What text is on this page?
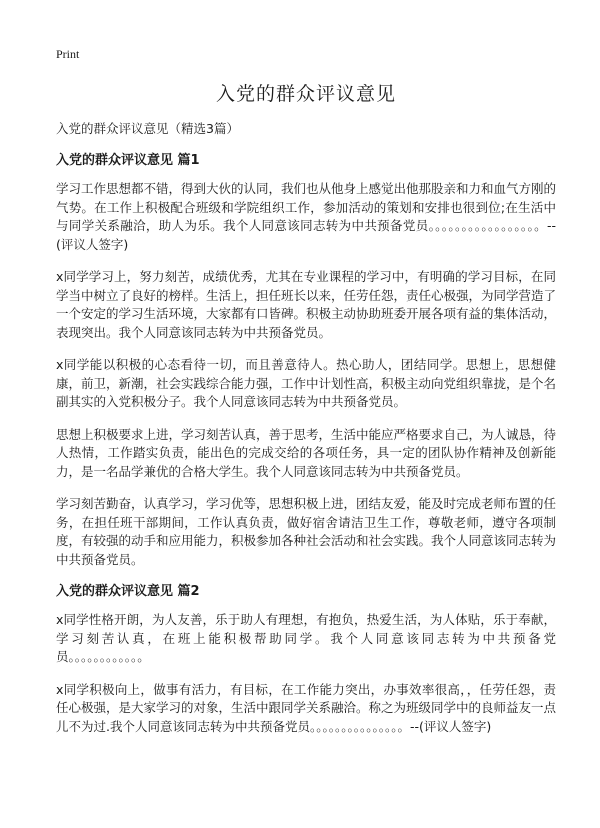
Print
入党的群众评议意见
入党的群众评议意见（精选3篇）
入党的群众评议意见 篇1

学习工作思想都不错，得到大伙的认同，我们也从他身上感觉出他那股亲和力和血气方刚的气势。在工作上积极配合班级和学院组织工作，参加活动的策划和安排也很到位;在生活中与同学关系融洽，助人为乐。我个人同意该同志转为中共预备党员。。。。。。。。。。。。。。。。。--(评议人签字)

x同学学习上，努力刻苦，成绩优秀，尤其在专业课程的学习中，有明确的学习目标，在同学当中树立了良好的榜样。生活上，担任班长以来，任劳任怨，责任心极强，为同学营造了一个安定的学习生活环境，大家都有口皆碑。积极主动协助班委开展各项有益的集体活动，表现突出。我个人同意该同志转为中共预备党员。

x同学能以积极的心态看待一切，而且善意待人。热心助人，团结同学。思想上，思想健康，前卫，新潮，社会实践综合能力强，工作中计划性高，积极主动向党组织靠拢，是个名副其实的入党积极分子。我个人同意该同志转为中共预备党员。

思想上积极要求上进，学习刻苦认真，善于思考，生活中能应严格要求自己，为人诚恳，待人热情，工作踏实负责，能出色的完成交给的各项任务，具一定的团队协作精神及创新能力，是一名品学兼优的合格大学生。我个人同意该同志转为中共预备党员。

学习刻苦勤奋，认真学习，学习优等，思想积极上进，团结友爱，能及时完成老师布置的任务，在担任班干部期间，工作认真负责，做好宿舍请洁卫生工作，尊敬老师，遵守各项制度，有较强的动手和应用能力，积极参加各种社会活动和社会实践。我个人同意该同志转为中共预备党员。

入党的群众评议意见 篇2

x同学性格开朗，为人友善，乐于助人有理想，有抱负，热爱生活，为人体贴，乐于奉献，学习刻苦认真，在班上能积极帮助同学。我个人同意该同志转为中共预备党员。。。。。。。。。。。。

x同学积极向上，做事有活力，有目标，在工作能力突出，办事效率很高，，任劳任怨，责任心极强，是大家学习的对象，生活中跟同学关系融洽。称之为班级同学中的良师益友一点儿不为过.我个人同意该同志转为中共预备党员。。。。。。。。。。。。。。。--(评议人签字)
